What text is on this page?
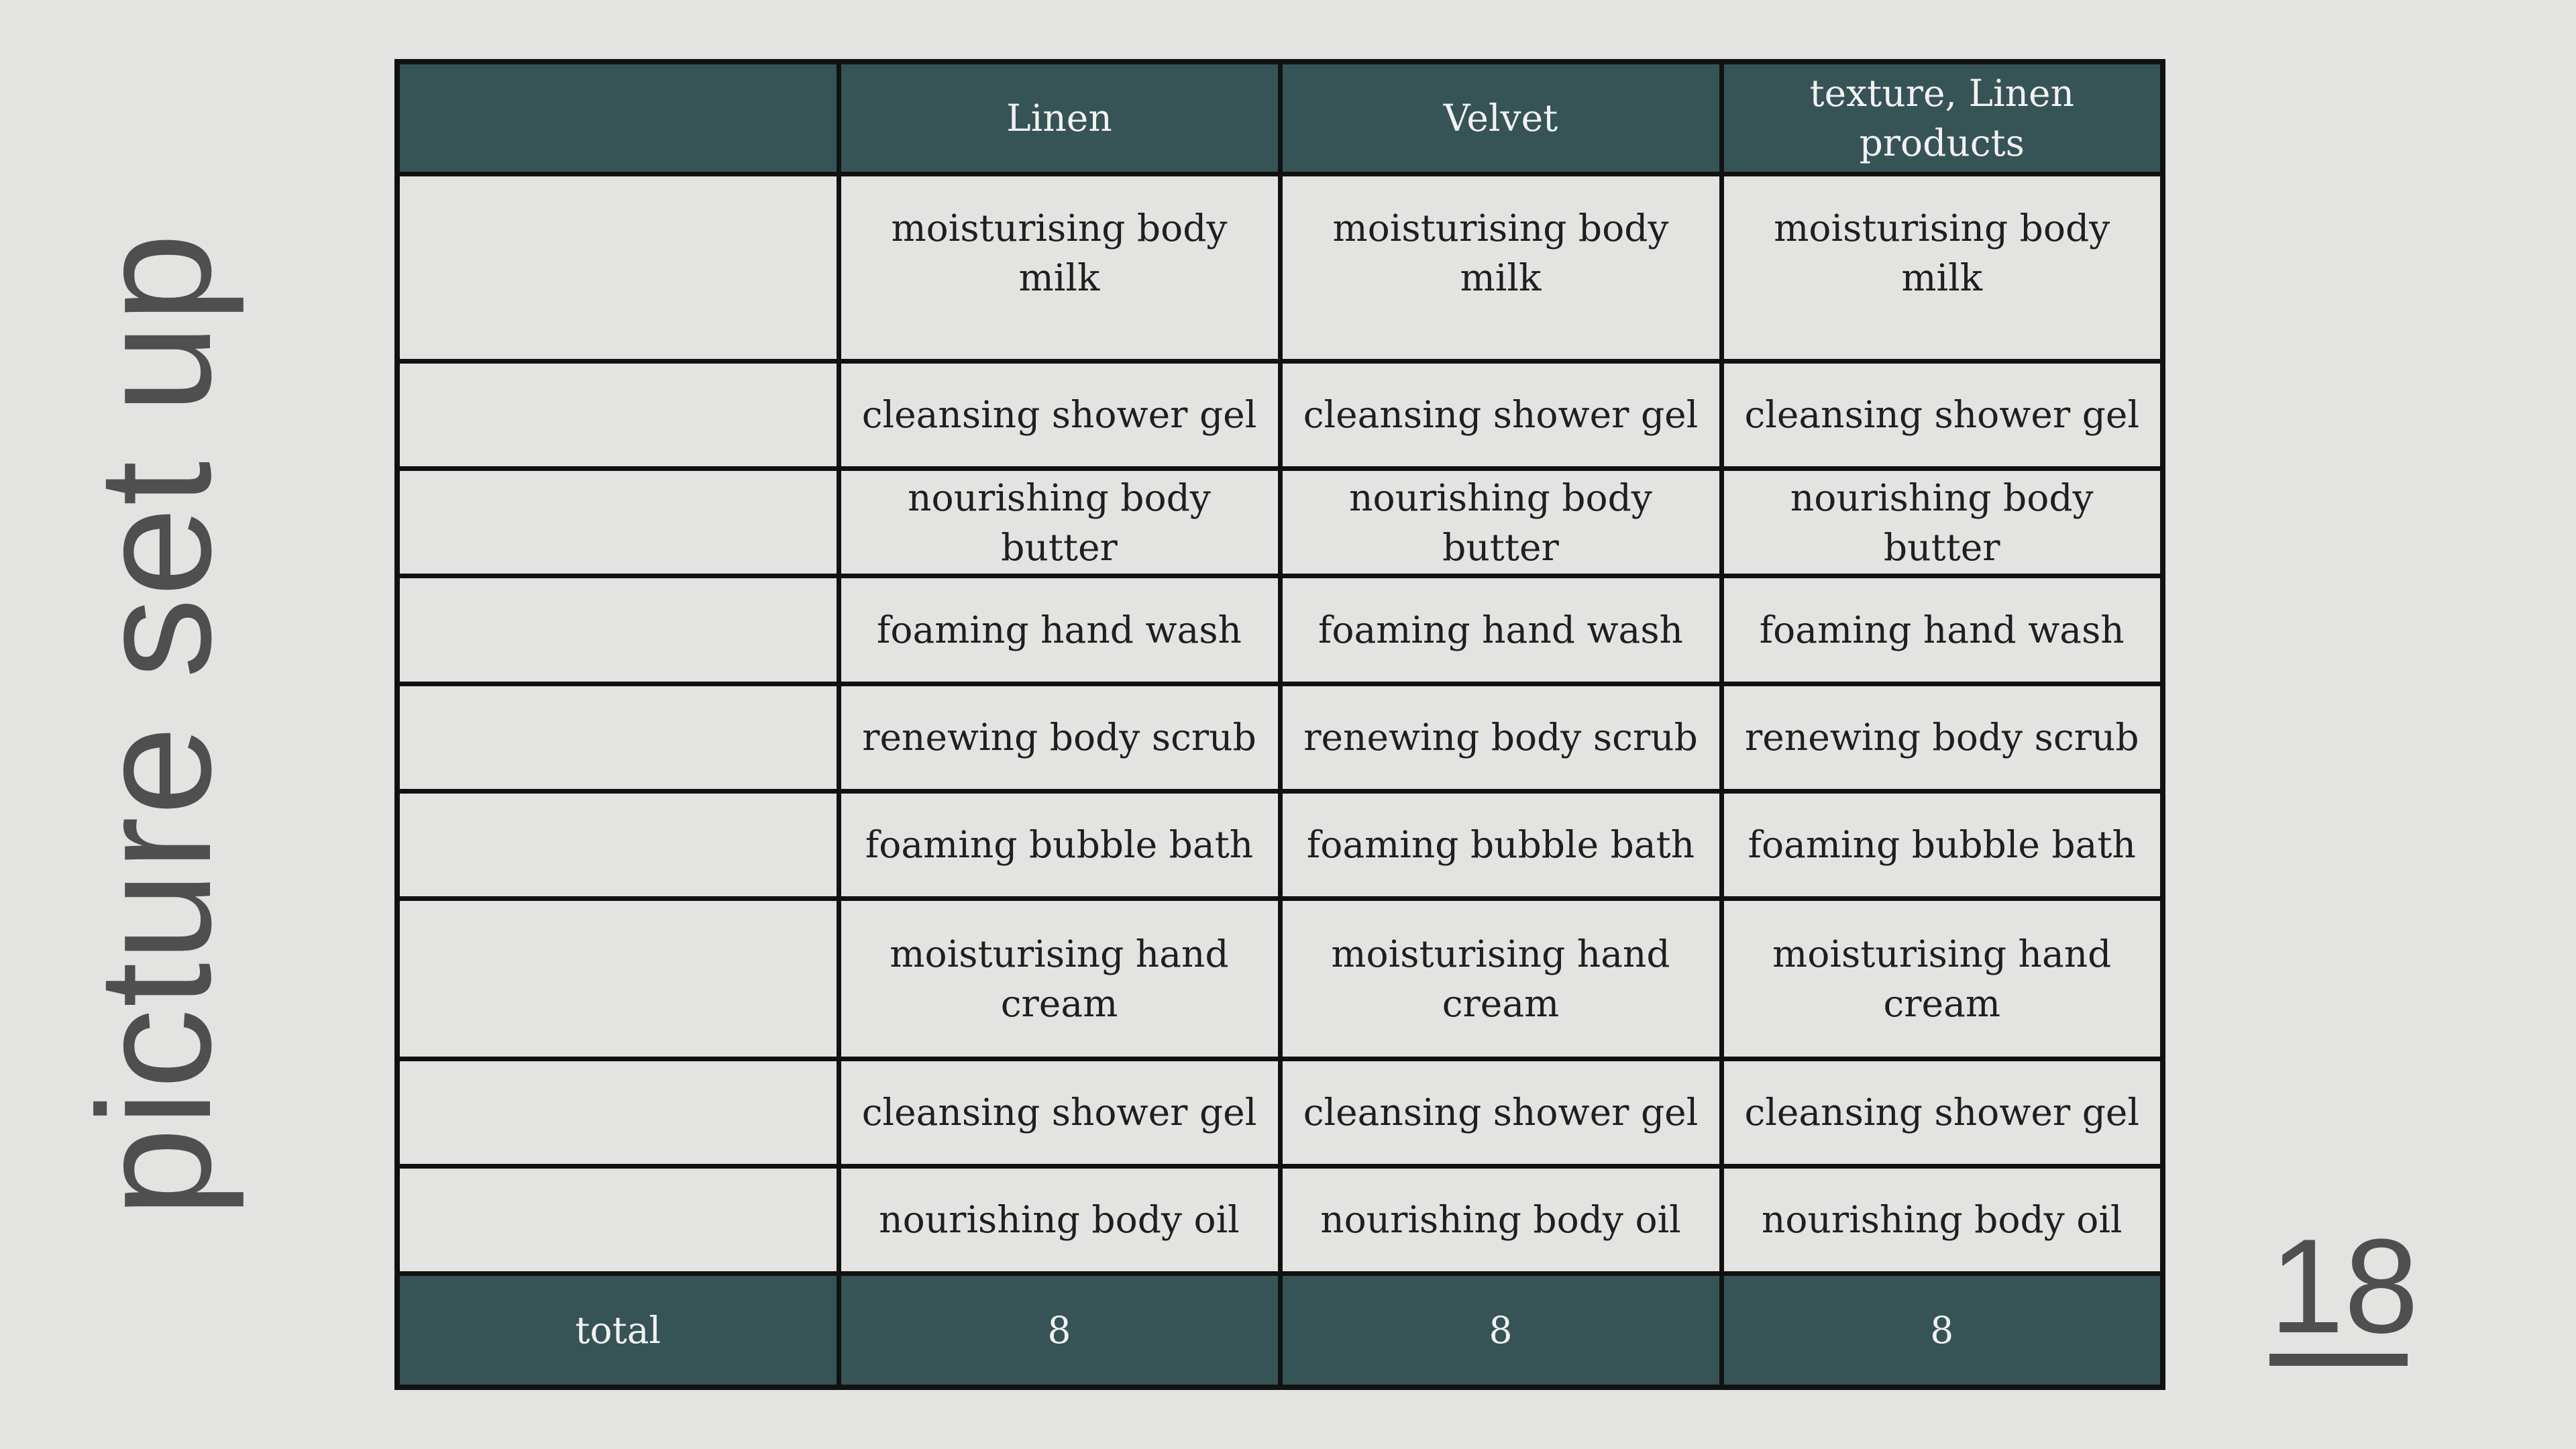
picture set up
	Linen	Velvet	texture, Linen products
	moisturising body milk	moisturising body milk	moisturising body milk
	cleansing shower gel	cleansing shower gel	cleansing shower gel
	nourishing body butter	nourishing body butter	nourishing body butter
	foaming hand wash	foaming hand wash	foaming hand wash
	renewing body scrub	renewing body scrub	renewing body scrub
	foaming bubble bath	foaming bubble bath	foaming bubble bath
	moisturising hand cream	moisturising hand cream	moisturising hand cream
	cleansing shower gel	cleansing shower gel	cleansing shower gel
	nourishing body oil	nourishing body oil	nourishing body oil
total	8	8	8 18
